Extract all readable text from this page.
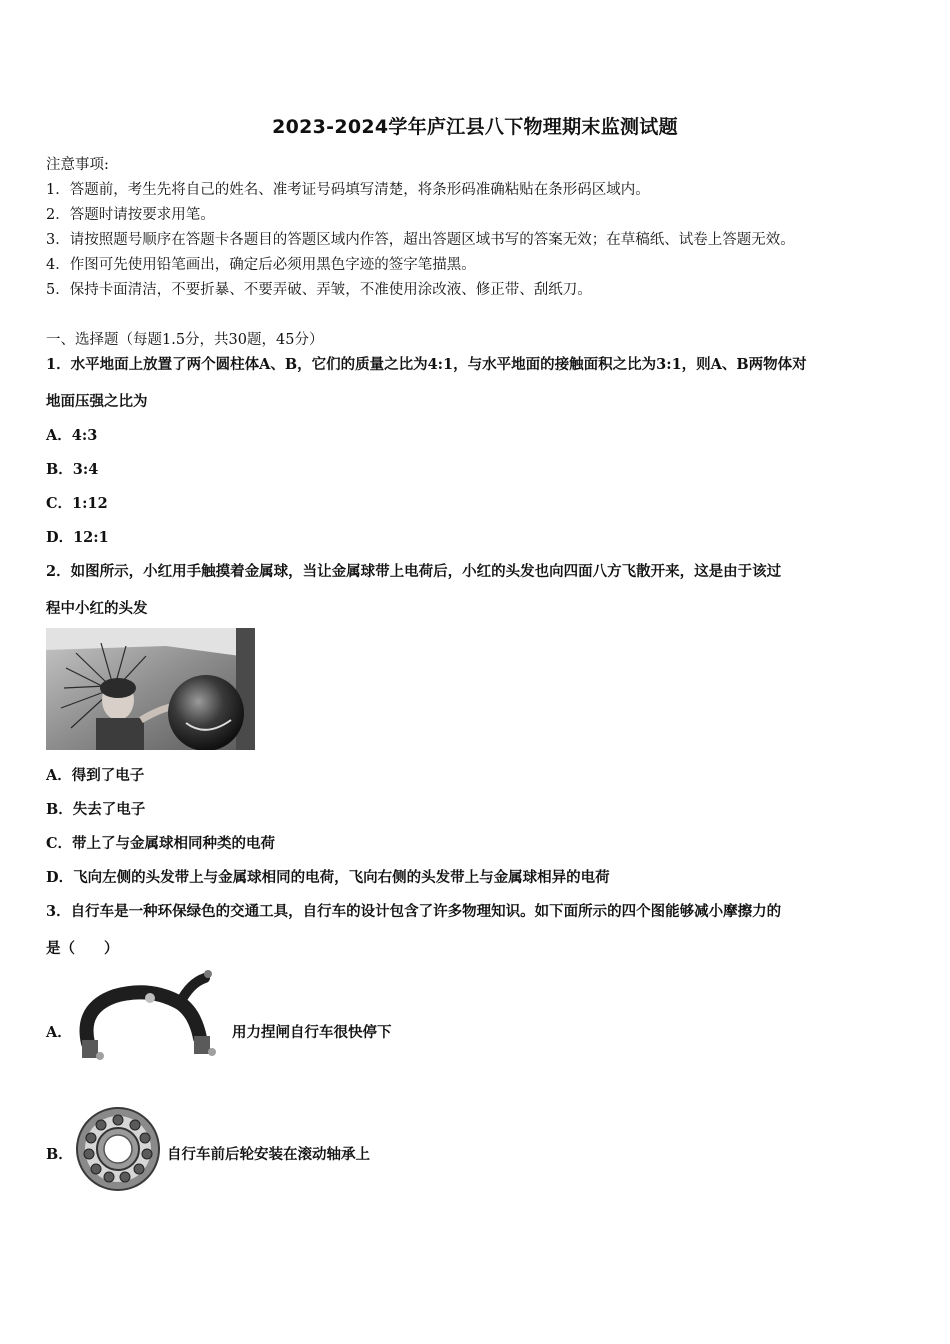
2023-2024学年庐江县八下物理期末监测试题
注意事项:
1．答题前，考生先将自己的姓名、准考证号码填写清楚，将条形码准确粘贴在条形码区域内。
2．答题时请按要求用笔。
3．请按照题号顺序在答题卡各题目的答题区域内作答，超出答题区域书写的答案无效；在草稿纸、试卷上答题无效。
4．作图可先使用铅笔画出，确定后必须用黑色字迹的签字笔描黑。
5．保持卡面清洁，不要折暴、不要弄破、弄皱，不准使用涂改液、修正带、刮纸刀。
一、选择题（每题1.5分，共30题，45分）
1．水平地面上放置了两个圆柱体A、B，它们的质量之比为4:1，与水平地面的接触面积之比为3:1，则A、B两物体对
地面压强之比为
A．4:3
B．3:4
C．1:12
D．12:1
2．如图所示，小红用手触摸着金属球，当让金属球带上电荷后，小红的头发也向四面八方飞散开来，这是由于该过
程中小红的头发
A．得到了电子
B．失去了电子
C．带上了与金属球相同种类的电荷
D．飞向左侧的头发带上与金属球相同的电荷，飞向右侧的头发带上与金属球相异的电荷
3．自行车是一种环保绿色的交通工具，自行车的设计包含了许多物理知识。如下面所示的四个图能够减小摩擦力的
是（　　）
A．	用力捏闸自行车很快停下
B．	自行车前后轮安装在滚动轴承上
